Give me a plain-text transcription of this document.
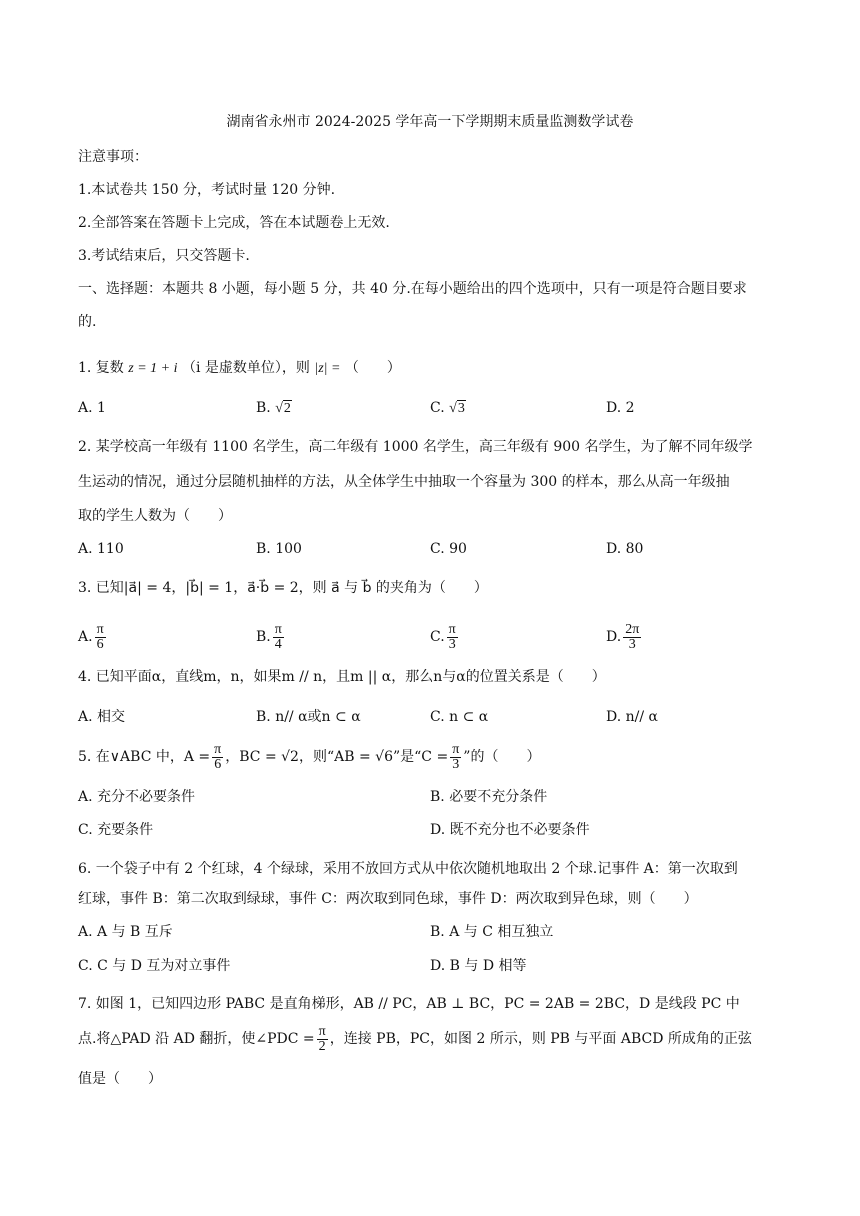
湖南省永州市 2024-2025 学年高一下学期期末质量监测数学试卷
注意事项：
1.本试卷共 150 分，考试时量 120 分钟.
2.全部答案在答题卡上完成，答在本试题卷上无效.
3.考试结束后，只交答题卡.
一、选择题：本题共 8 小题，每小题 5 分，共 40 分.在每小题给出的四个选项中，只有一项是符合题目要求
的.
1. 复数 z = 1 + i （i 是虚数单位），则 |z| = （　　）
A. 1	B. √2	C. √3	D. 2
2. 某学校高一年级有 1100 名学生，高二年级有 1000 名学生，高三年级有 900 名学生，为了解不同年级学
生运动的情况，通过分层随机抽样的方法，从全体学生中抽取一个容量为 300 的样本，那么从高一年级抽
取的学生人数为（　　）
A. 110	B. 100	C. 90	D. 80
3. 已知|a⃗| = 4，|b⃗| = 1，a⃗·b⃗ = 2，则 a⃗ 与 b⃗ 的夹角为（　　）
A. $\frac{\pi}{6}$	B. $\frac{\pi}{4}$	C. $\frac{\pi}{3}$	D. $\frac{2\pi}{3}$
4. 已知平面α，直线m，n，如果m // n，且m || α，那么n与α的位置关系是（　　）
A. 相交	B. n// α或n ⊂ α	C. n ⊂ α	D. n// α
5. 在∨ABC 中，$A = \frac{\pi}{6}$ ，BC = √2，则“AB = √6”是“$C = \frac{\pi}{3}$ ”的（　　）
A. 充分不必要条件	B. 必要不充分条件
C. 充要条件	D. 既不充分也不必要条件
6. 一个袋子中有 2 个红球，4 个绿球，采用不放回方式从中依次随机地取出 2 个球.记事件 A：第一次取到
红球，事件 B：第二次取到绿球，事件 C：两次取到同色球，事件 D：两次取到异色球，则（　　）
A. A 与 B 互斥	B. A 与 C 相互独立
C. C 与 D 互为对立事件	D. B 与 D 相等
7. 如图 1，已知四边形 PABC 是直角梯形，AB // PC，AB ⊥ BC，PC = 2AB = 2BC，D 是线段 PC 中
点.将△PAD 沿 AD 翻折，使∠PDC = $\frac{\pi}{2}$ ，连接 PB，PC，如图 2 所示，则 PB 与平面 ABCD 所成角的正弦
值是（　　）
